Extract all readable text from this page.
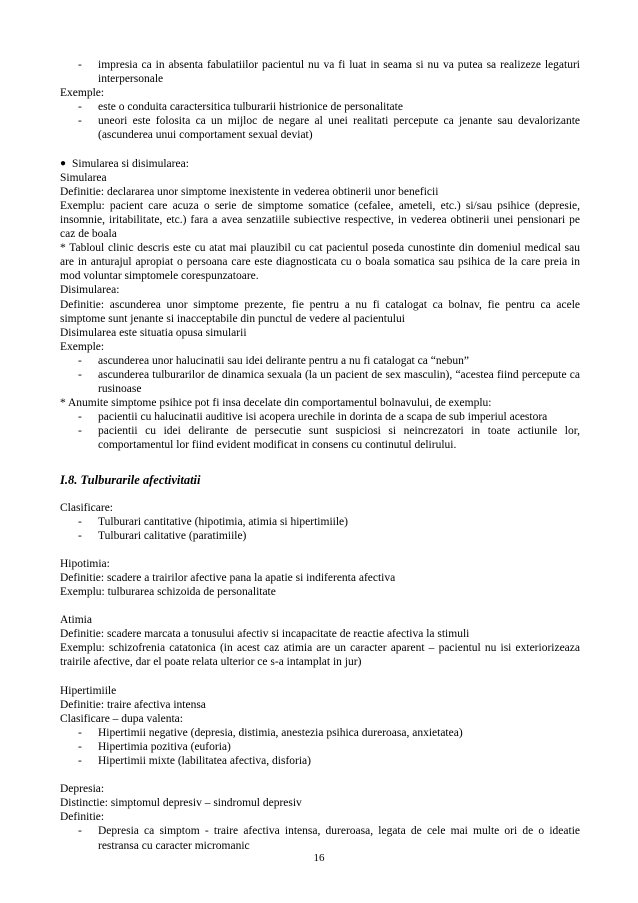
-	impresia ca in absenta fabulatiilor pacientul nu va fi luat in seama si nu va putea sa realizeze legaturi interpersonale

Exemple:

-	este o conduita caractersitica tulburarii histrionice de personalitate
-	uneori este folosita ca un mijloc de negare al unei realitati percepute ca jenante sau devalorizante (ascunderea unui comportament sexual deviat)
● Simularea si disimularea:

Simularea

Definitie: declararea unor simptome inexistente in vederea obtinerii unor beneficii

Exemplu: pacient care acuza o serie de simptome somatice (cefalee, ameteli, etc.) si/sau psihice (depresie, insomnie, iritabilitate, etc.) fara a avea senzatiile subiective respective, in vederea obtinerii unei pensionari pe caz de boala

* Tabloul clinic descris este cu atat mai plauzibil cu cat pacientul poseda cunostinte din domeniul medical sau are in anturajul apropiat o persoana care este diagnosticata cu o boala somatica sau psihica de la care preia in mod voluntar simptomele corespunzatoare.

Disimularea:

Definitie: ascunderea unor simptome prezente, fie pentru a nu fi catalogat ca bolnav, fie pentru ca acele simptome sunt jenante si inacceptabile din punctul de vedere al pacientului

Disimularea este situatia opusa simularii

Exemple:

-	ascunderea unor halucinatii sau idei delirante pentru a nu fi catalogat ca “nebun”
-	ascunderea tulburarilor de dinamica sexuala (la un pacient de sex masculin), “acestea fiind percepute ca rusinoase

* Anumite simptome psihice pot fi insa decelate din comportamentul bolnavului, de exemplu:

-	pacientii cu halucinatii auditive isi acopera urechile in dorinta de a scapa de sub imperiul acestora
-	pacientii cu idei delirante de persecutie sunt suspiciosi si neincrezatori in toate actiunile lor, comportamentul lor fiind evident modificat in consens cu continutul delirului.

I.8. Tulburarile afectivitatii

Clasificare:

-	Tulburari cantitative (hipotimia, atimia si hipertimiile)
-	Tulburari calitative (paratimiile)

Hipotimia:

Definitie: scadere a trairilor afective pana la apatie si indiferenta afectiva

Exemplu: tulburarea schizoida de personalitate

Atimia

Definitie: scadere marcata a tonusului afectiv si incapacitate de reactie afectiva la stimuli

Exemplu: schizofrenia catatonica (in acest caz atimia are un caracter aparent – pacientul nu isi exteriorizeaza trairile afective, dar el poate relata ulterior ce s-a intamplat in jur)

Hipertimiile

Definitie: traire afectiva intensa

Clasificare – dupa valenta:

-	Hipertimii negative (depresia, distimia, anestezia psihica dureroasa, anxietatea)
-	Hipertimia pozitiva (euforia)
-	Hipertimii mixte (labilitatea afectiva, disforia)

Depresia:

Distinctie: simptomul depresiv – sindromul depresiv

Definitie:

-	Depresia ca simptom - traire afectiva intensa, dureroasa, legata de cele mai multe ori de o ideatie restransa cu caracter micromanic
16
